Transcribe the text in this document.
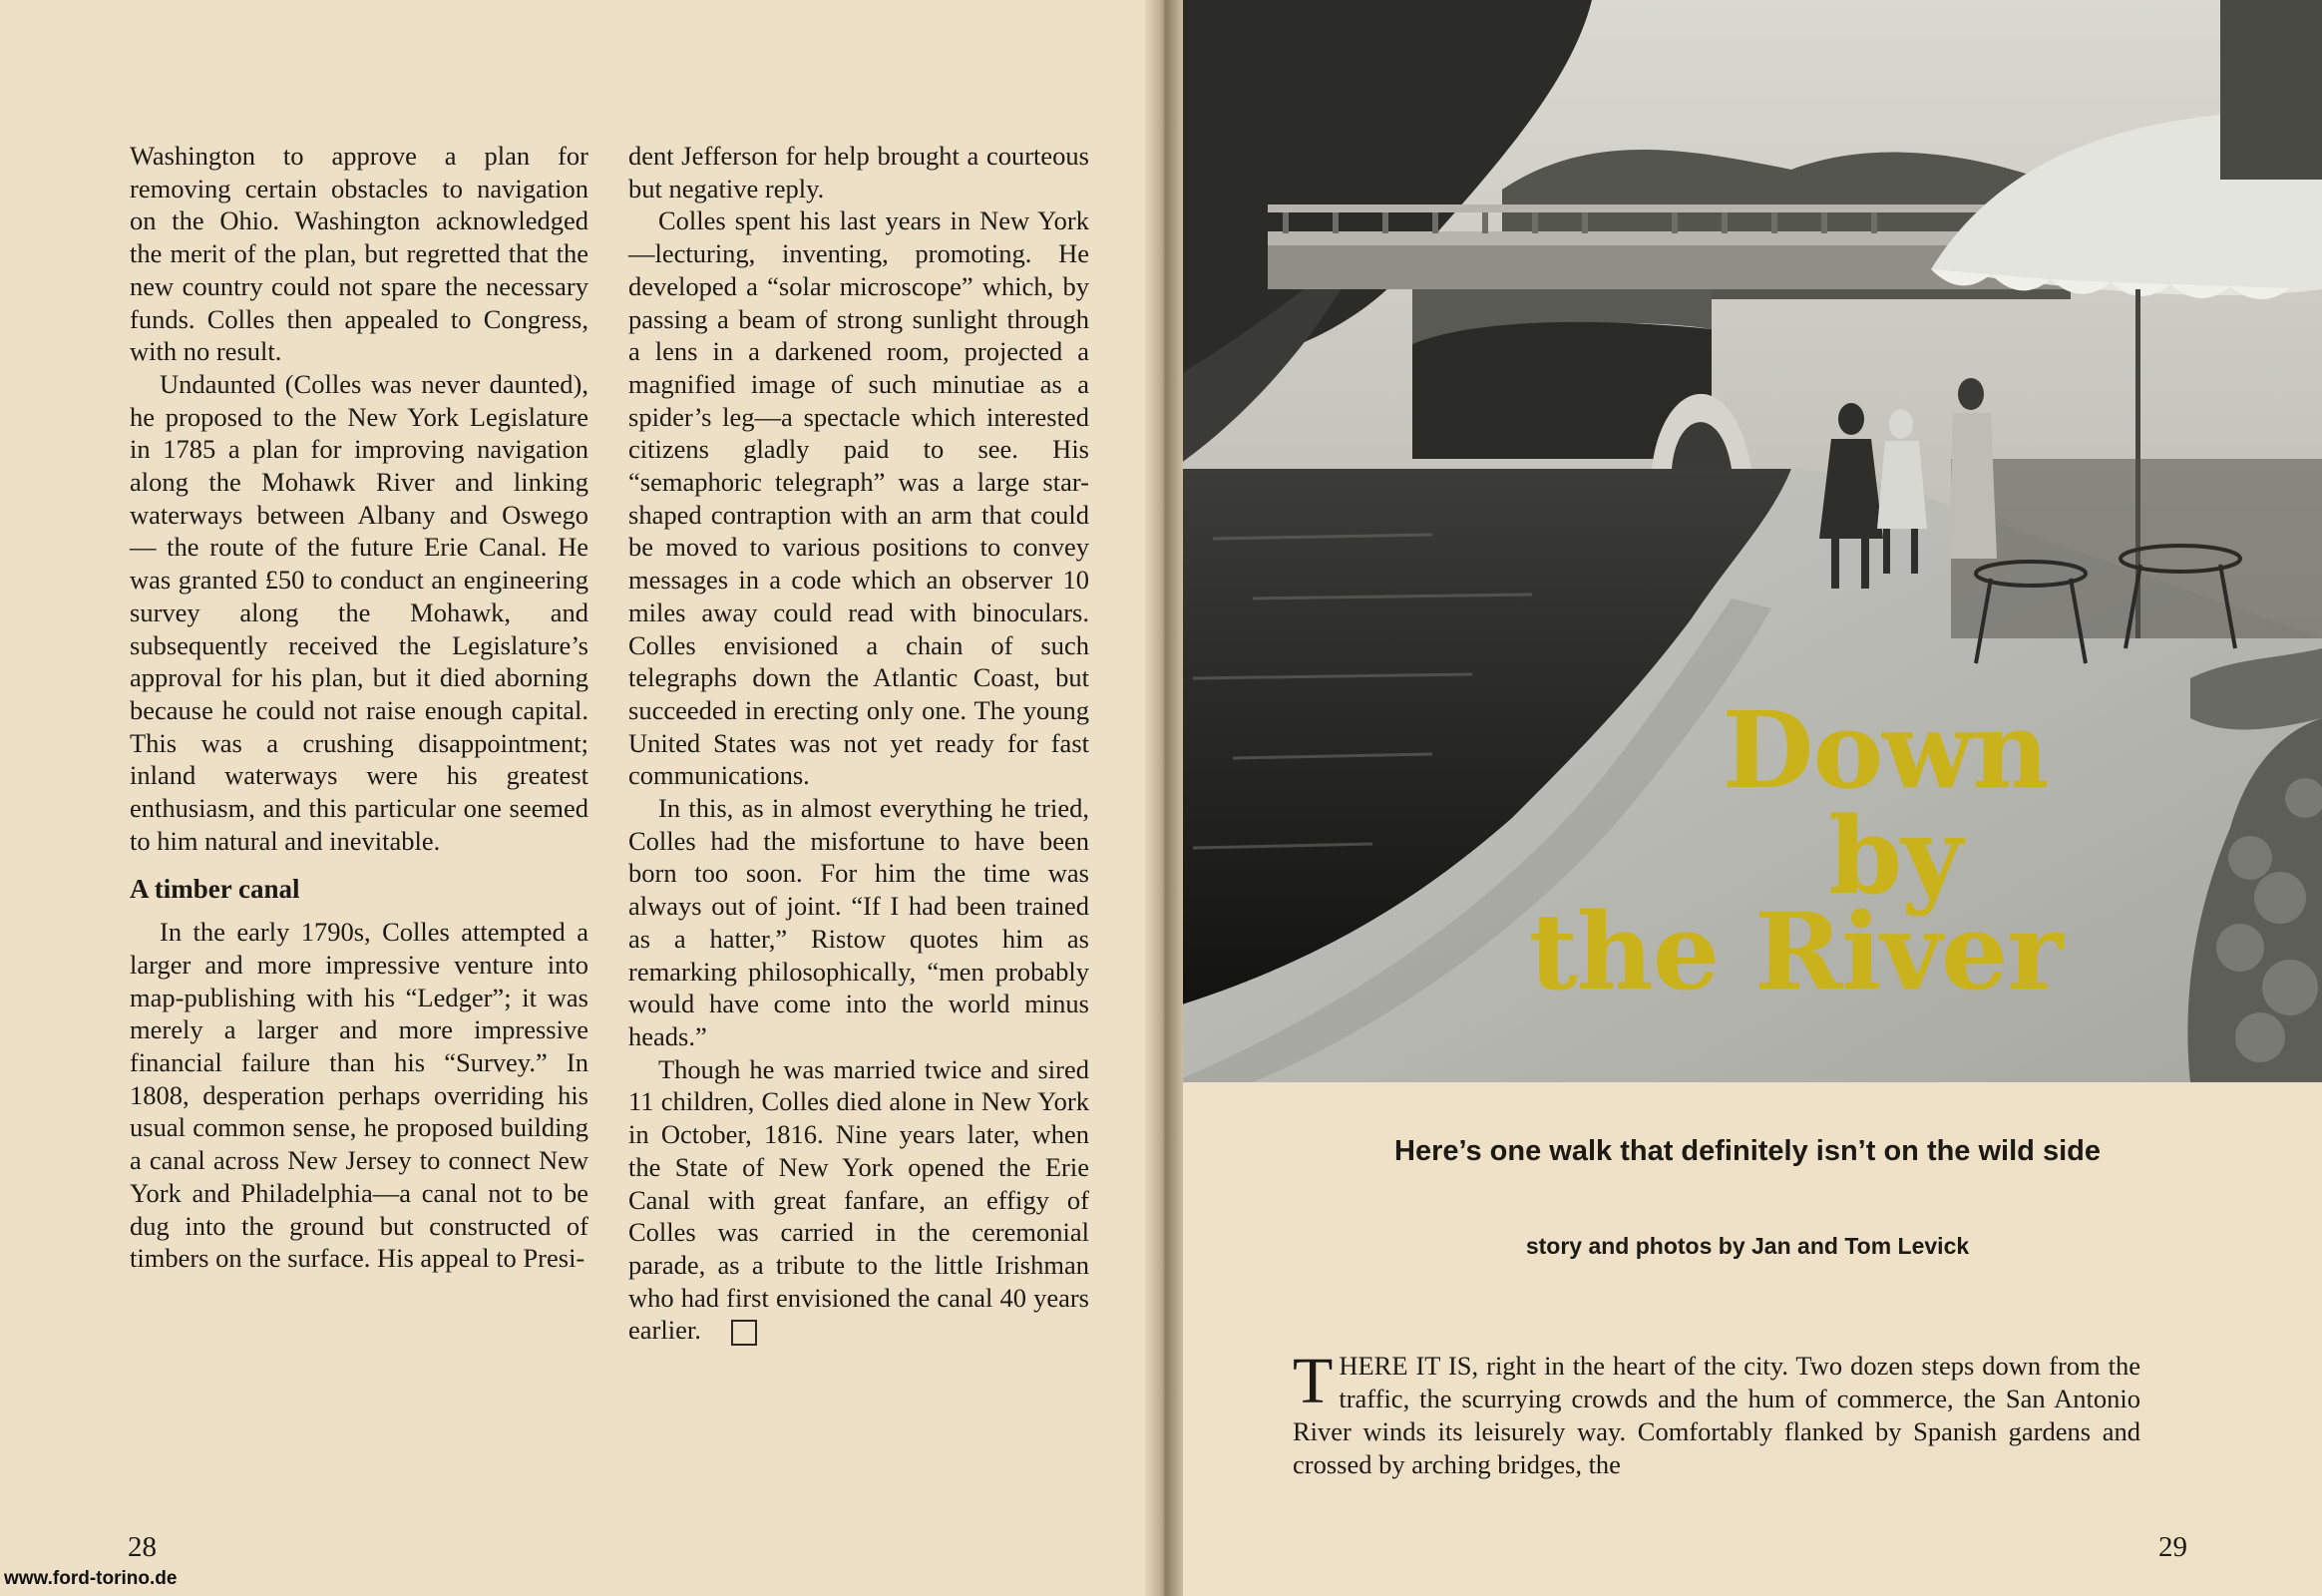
Washington to approve a plan for removing certain obstacles to navigation on the Ohio. Washington acknowledged the merit of the plan, but regretted that the new country could not spare the necessary funds. Colles then appealed to Congress, with no result.

Undaunted (Colles was never daunted), he proposed to the New York Legislature in 1785 a plan for improving navigation along the Mohawk River and linking waterways between Albany and Oswego — the route of the future Erie Canal. He was granted £50 to conduct an engineering survey along the Mohawk, and subsequently received the Legislature’s approval for his plan, but it died aborning because he could not raise enough capital. This was a crushing disappointment; inland waterways were his greatest enthusiasm, and this particular one seemed to him natural and inevitable.

A timber canal

In the early 1790s, Colles attempted a larger and more impressive venture into map-publishing with his “Ledger”; it was merely a larger and more impressive financial failure than his “Survey.” In 1808, desperation perhaps overriding his usual common sense, he proposed building a canal across New Jersey to connect New York and Philadelphia—a canal not to be dug into the ground but constructed of timbers on the surface. His appeal to Presi-

dent Jefferson for help brought a courteous but negative reply.

Colles spent his last years in New York—lecturing, inventing, promoting. He developed a “solar microscope” which, by passing a beam of strong sunlight through a lens in a darkened room, projected a magnified image of such minutiae as a spider’s leg—a spectacle which interested citizens gladly paid to see. His “semaphoric telegraph” was a large star-shaped contraption with an arm that could be moved to various positions to convey messages in a code which an observer 10 miles away could read with binoculars. Colles envisioned a chain of such telegraphs down the Atlantic Coast, but succeeded in erecting only one. The young United States was not yet ready for fast communications.

In this, as in almost everything he tried, Colles had the misfortune to have been born too soon. For him the time was always out of joint. “If I had been trained as a hatter,” Ristow quotes him as remarking philosophically, “men probably would have come into the world minus heads.”

Though he was married twice and sired 11 children, Colles died alone in New York in October, 1816. Nine years later, when the State of New York opened the Erie Canal with great fanfare, an effigy of Colles was carried in the ceremonial parade, as a tribute to the little Irishman who had first envisioned the canal 40 years earlier.

28
Down
by
the River
Here’s one walk that definitely isn’t on the wild side
story and photos by Jan and Tom Levick
THERE IT IS, right in the heart of the city. Two dozen steps down from the traffic, the scurrying crowds and the hum of commerce, the San Antonio River winds its leisurely way. Comfortably flanked by Spanish gardens and crossed by arching bridges, the
29
www.ford-torino.de
